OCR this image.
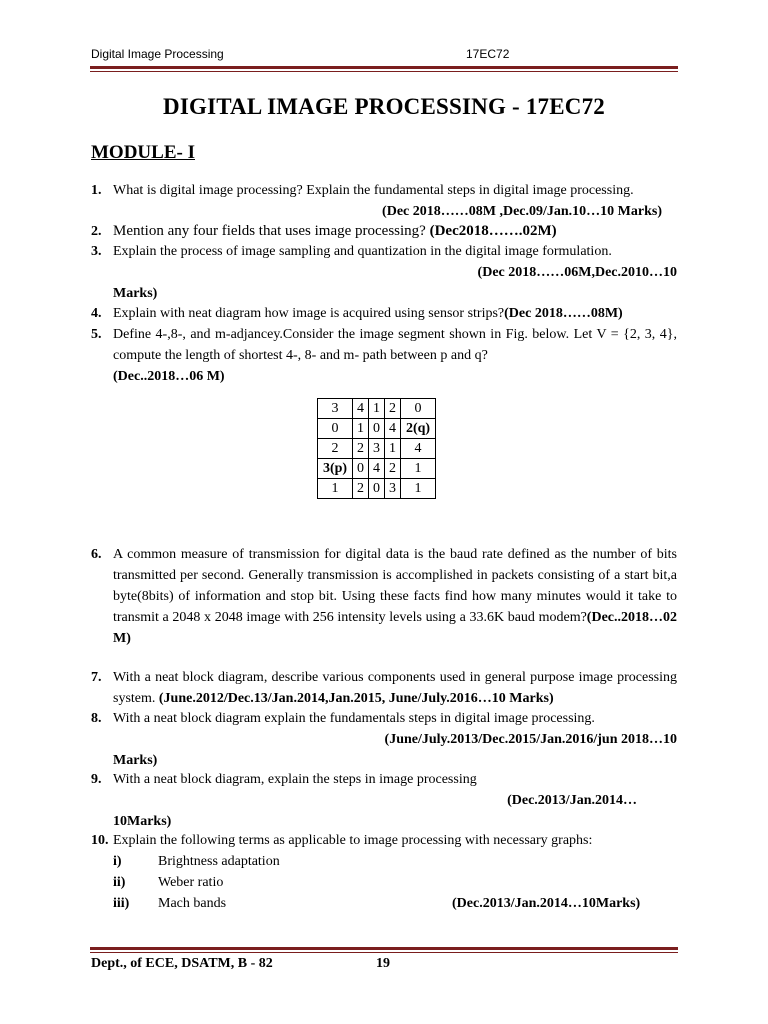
Digital Image Processing	17EC72
DIGITAL IMAGE PROCESSING - 17EC72
MODULE- I
1. What is digital image processing? Explain the fundamental steps in digital image processing.
(Dec 2018……08M ,Dec.09/Jan.10…10 Marks)
2. Mention any four fields that uses image processing? (Dec2018…….02M)
3. Explain the process of image sampling and quantization in the digital image formulation.
(Dec 2018……06M,Dec.2010…10
Marks)
4. Explain with neat diagram how image is acquired using sensor strips?(Dec 2018……08M)
5. Define 4-,8-, and m-adjancey.Consider the image segment shown in Fig. below. Let V = {2, 3, 4}, compute the length of shortest 4-, 8- and m- path between p and q?
(Dec..2018…06 M)
3	4	1	2	0
0	1	0	4	2(q)
2	2	3	1	4
3(p)	0	4	2	1
1	2	0	3	1
6. A common measure of transmission for digital data is the baud rate defined as the number of bits transmitted per second. Generally transmission is accomplished in packets consisting of a start bit,a byte(8bits) of information and stop bit. Using these facts find how many minutes would it take to transmit a 2048 x 2048 image with 256 intensity levels using a 33.6K baud modem?(Dec..2018…02 M)
7. With a neat block diagram, describe various components used in general purpose image processing system. (June.2012/Dec.13/Jan.2014,Jan.2015, June/July.2016…10 Marks)
8. With a neat block diagram explain the fundamentals steps in digital image processing.
(June/July.2013/Dec.2015/Jan.2016/jun 2018…10
Marks)
9. With a neat block diagram, explain the steps in image processing
(Dec.2013/Jan.2014…
10Marks)
10. Explain the following terms as applicable to image processing with necessary graphs:
i)	Brightness adaptation
ii) Weber ratio
iii) Mach bands	(Dec.2013/Jan.2014…10Marks)
Dept., of ECE, DSATM, B - 82	19
